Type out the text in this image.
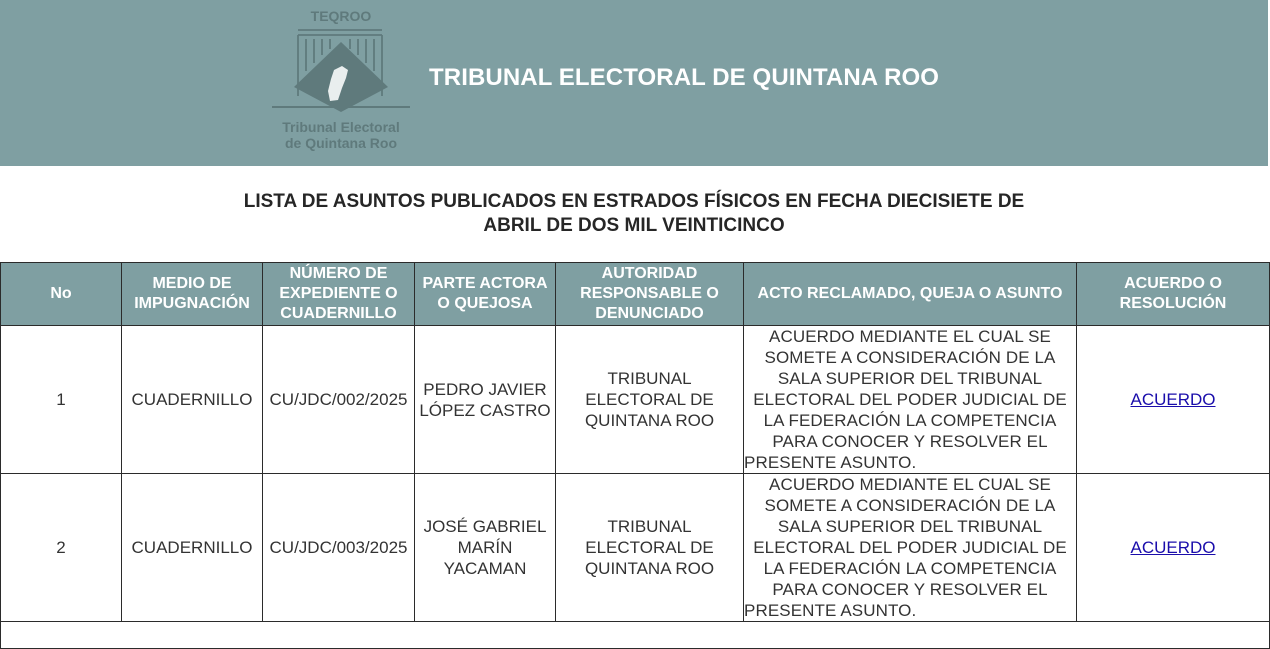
TEQROO
Tribunal Electoral
de Quintana Roo
TRIBUNAL ELECTORAL DE QUINTANA ROO
LISTA DE ASUNTOS PUBLICADOS EN ESTRADOS FÍSICOS EN FECHA DIECISIETE DE
ABRIL DE DOS MIL VEINTICINCO
No	MEDIO DE IMPUGNACIÓN	NÚMERO DE EXPEDIENTE O CUADERNILLO	PARTE ACTORA O QUEJOSA	AUTORIDAD RESPONSABLE O DENUNCIADO	ACTO RECLAMADO, QUEJA O ASUNTO	ACUERDO O RESOLUCIÓN
1	CUADERNILLO	CU/JDC/002/2025	PEDRO JAVIER LÓPEZ CASTRO	TRIBUNAL ELECTORAL DE QUINTANA ROO	ACUERDO MEDIANTE EL CUAL SE SOMETE A CONSIDERACIÓN DE LA SALA SUPERIOR DEL TRIBUNAL ELECTORAL DEL PODER JUDICIAL DE LA FEDERACIÓN LA COMPETENCIA PARA CONOCER Y RESOLVER EL PRESENTE ASUNTO.	ACUERDO
2	CUADERNILLO	CU/JDC/003/2025	JOSÉ GABRIEL MARÍN YACAMAN	TRIBUNAL ELECTORAL DE QUINTANA ROO	ACUERDO MEDIANTE EL CUAL SE SOMETE A CONSIDERACIÓN DE LA SALA SUPERIOR DEL TRIBUNAL ELECTORAL DEL PODER JUDICIAL DE LA FEDERACIÓN LA COMPETENCIA PARA CONOCER Y RESOLVER EL PRESENTE ASUNTO.	ACUERDO
